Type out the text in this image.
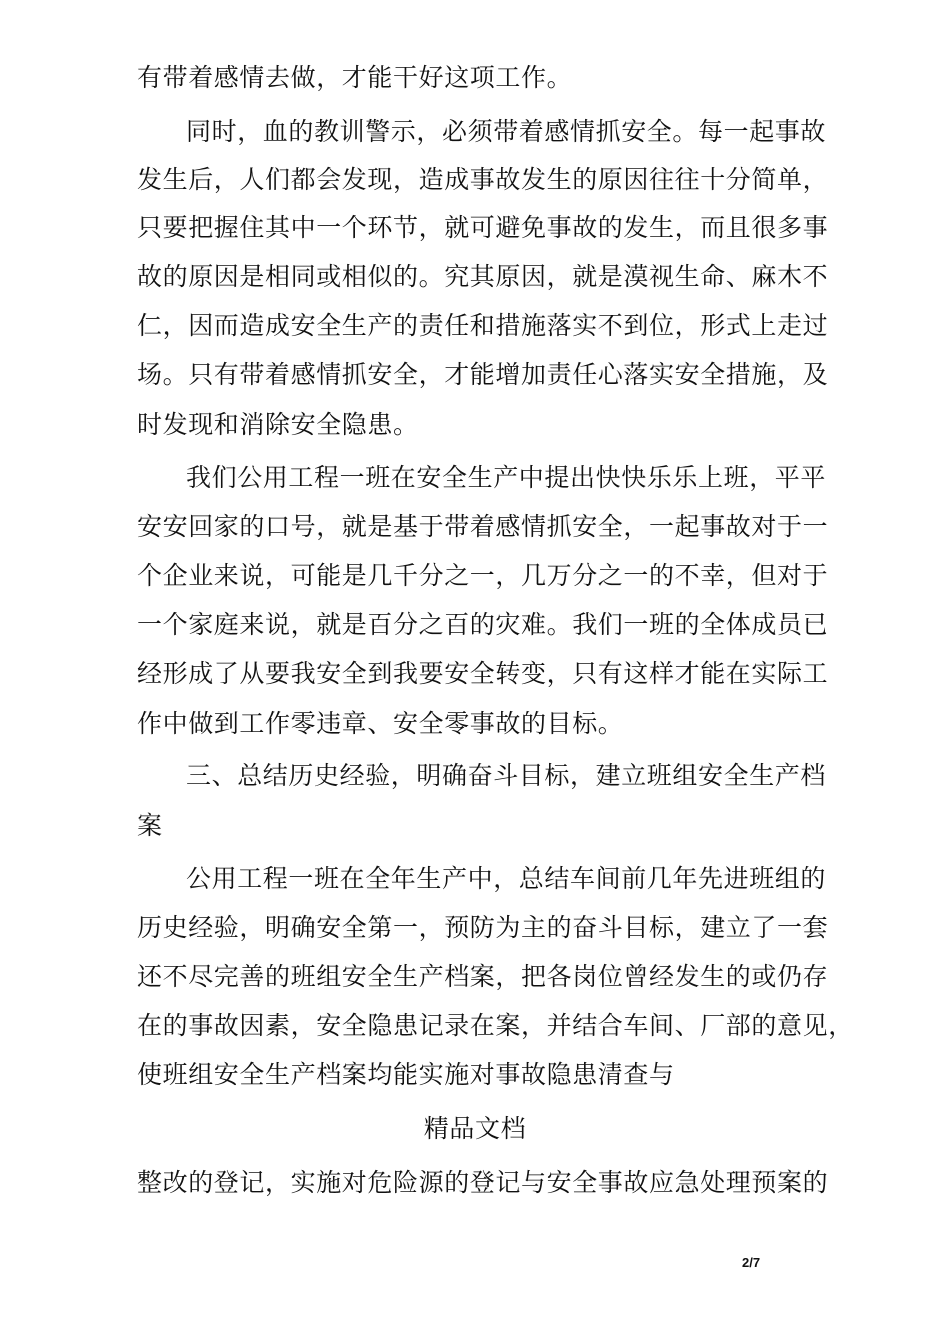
有带着感情去做，才能干好这项工作。
同时，血的教训警示，必须带着感情抓安全。每一起事故
发生后，人们都会发现，造成事故发生的原因往往十分简单，
只要把握住其中一个环节，就可避免事故的发生，而且很多事
故的原因是相同或相似的。究其原因，就是漠视生命、麻木不
仁，因而造成安全生产的责任和措施落实不到位，形式上走过
场。只有带着感情抓安全，才能增加责任心落实安全措施，及
时发现和消除安全隐患。
我们公用工程一班在安全生产中提出快快乐乐上班，平平
安安回家的口号，就是基于带着感情抓安全，一起事故对于一
个企业来说，可能是几千分之一，几万分之一的不幸，但对于
一个家庭来说，就是百分之百的灾难。我们一班的全体成员已
经形成了从要我安全到我要安全转变，只有这样才能在实际工
作中做到工作零违章、安全零事故的目标。
三、总结历史经验，明确奋斗目标，建立班组安全生产档
案
公用工程一班在全年生产中，总结车间前几年先进班组的
历史经验，明确安全第一，预防为主的奋斗目标，建立了一套
还不尽完善的班组安全生产档案，把各岗位曾经发生的或仍存
在的事故因素，安全隐患记录在案，并结合车间、厂部的意见，
使班组安全生产档案均能实施对事故隐患清查与
精品文档
整改的登记，实施对危险源的登记与安全事故应急处理预案的
2/7
